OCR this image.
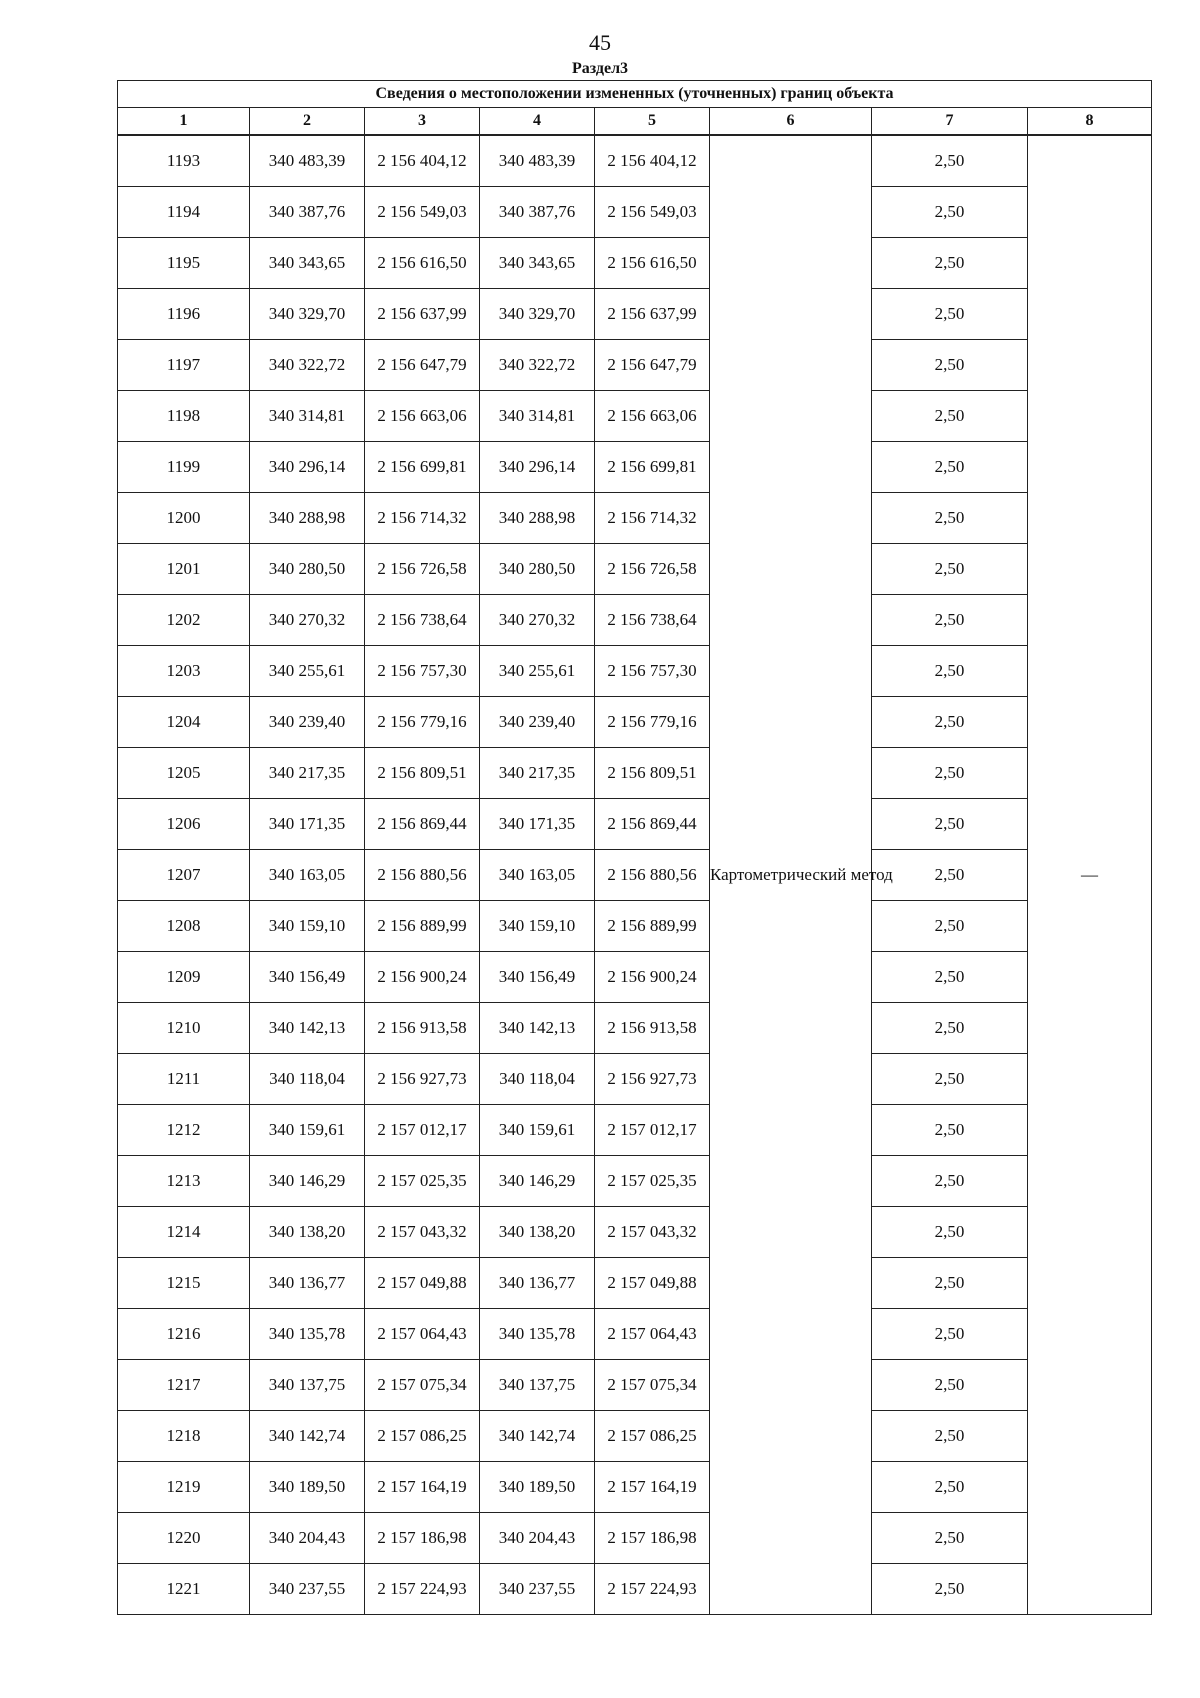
45
Раздел3
Сведения о местоположении измененных (уточненных) границ объекта							
1	2	3	4	5	6	7	8
1193	340 483,39	2 156 404,12	340 483,39	2 156 404,12	Картометрический метод	2,50	—
1194	340 387,76	2 156 549,03	340 387,76	2 156 549,03		2,50	
1195	340 343,65	2 156 616,50	340 343,65	2 156 616,50		2,50	
1196	340 329,70	2 156 637,99	340 329,70	2 156 637,99		2,50	
1197	340 322,72	2 156 647,79	340 322,72	2 156 647,79		2,50	
1198	340 314,81	2 156 663,06	340 314,81	2 156 663,06		2,50	
1199	340 296,14	2 156 699,81	340 296,14	2 156 699,81		2,50	
1200	340 288,98	2 156 714,32	340 288,98	2 156 714,32		2,50	
1201	340 280,50	2 156 726,58	340 280,50	2 156 726,58		2,50	
1202	340 270,32	2 156 738,64	340 270,32	2 156 738,64		2,50	
1203	340 255,61	2 156 757,30	340 255,61	2 156 757,30		2,50	
1204	340 239,40	2 156 779,16	340 239,40	2 156 779,16		2,50	
1205	340 217,35	2 156 809,51	340 217,35	2 156 809,51		2,50	
1206	340 171,35	2 156 869,44	340 171,35	2 156 869,44		2,50	
1207	340 163,05	2 156 880,56	340 163,05	2 156 880,56		2,50	
1208	340 159,10	2 156 889,99	340 159,10	2 156 889,99		2,50	
1209	340 156,49	2 156 900,24	340 156,49	2 156 900,24		2,50	
1210	340 142,13	2 156 913,58	340 142,13	2 156 913,58		2,50	
1211	340 118,04	2 156 927,73	340 118,04	2 156 927,73		2,50	
1212	340 159,61	2 157 012,17	340 159,61	2 157 012,17		2,50	
1213	340 146,29	2 157 025,35	340 146,29	2 157 025,35		2,50	
1214	340 138,20	2 157 043,32	340 138,20	2 157 043,32		2,50	
1215	340 136,77	2 157 049,88	340 136,77	2 157 049,88		2,50	
1216	340 135,78	2 157 064,43	340 135,78	2 157 064,43		2,50	
1217	340 137,75	2 157 075,34	340 137,75	2 157 075,34		2,50	
1218	340 142,74	2 157 086,25	340 142,74	2 157 086,25		2,50	
1219	340 189,50	2 157 164,19	340 189,50	2 157 164,19		2,50	
1220	340 204,43	2 157 186,98	340 204,43	2 157 186,98		2,50	
1221	340 237,55	2 157 224,93	340 237,55	2 157 224,93		2,50	
